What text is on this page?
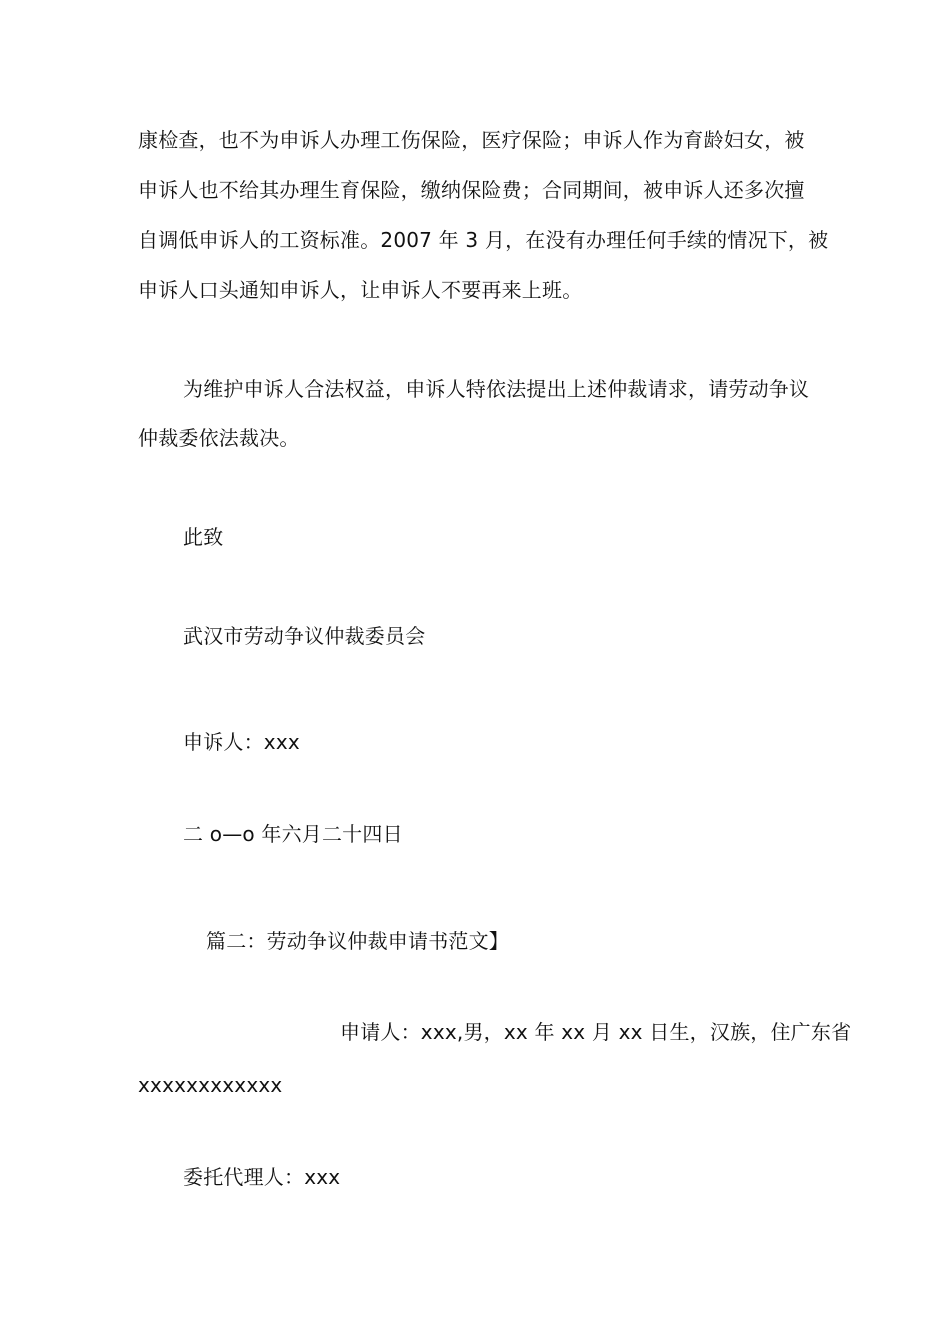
康检查，也不为申诉人办理工伤保险，医疗保险；申诉人作为育龄妇女，被
申诉人也不给其办理生育保险，缴纳保险费；合同期间，被申诉人还多次擅
自调低申诉人的工资标准。2007 年 3 月，在没有办理任何手续的情况下，被
申诉人口头通知申诉人，让申诉人不要再来上班。
为维护申诉人合法权益，申诉人特依法提出上述仲裁请求，请劳动争议
仲裁委依法裁决。
此致
武汉市劳动争议仲裁委员会
申诉人：xxx
二 o—o 年六月二十四日
篇二：劳动争议仲裁申请书范文】
申请人：xxx,男，xx 年 xx 月 xx 日生，汉族，住广东省
xxxxxxxxxxxx
委托代理人：xxx
